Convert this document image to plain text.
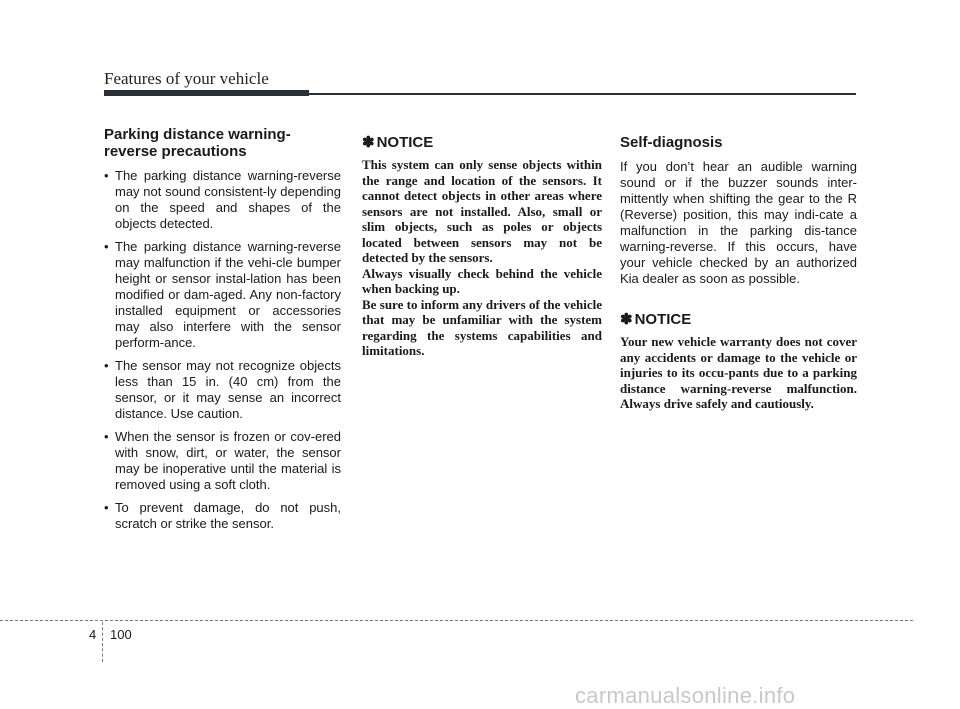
Features of your vehicle
Parking distance warning-reverse precautions
• The parking distance warning-reverse may not sound consistent-ly depending on the speed and shapes of the objects detected.
• The parking distance warning-reverse may malfunction if the vehi-cle bumper height or sensor instal-lation has been modified or dam-aged. Any non-factory installed equipment or accessories may also interfere with the sensor perform-ance.
• The sensor may not recognize objects less than 15 in. (40 cm) from the sensor, or it may sense an incorrect distance. Use caution.
• When the sensor is frozen or cov-ered with snow, dirt, or water, the sensor may be inoperative until the material is removed using a soft cloth.
• To prevent damage, do not push, scratch or strike the sensor.
✽ NOTICE

This system can only sense objects within the range and location of the sensors. It cannot detect objects in other areas where sensors are not installed. Also, small or slim objects, such as poles or objects located between sensors may not be detected by the sensors.

Always visually check behind the vehicle when backing up.

Be sure to inform any drivers of the vehicle that may be unfamiliar with the system regarding the systems capabilities and limitations.

Self-diagnosis

If you don’t hear an audible warning sound or if the buzzer sounds inter-mittently when shifting the gear to the R (Reverse) position, this may indi-cate a malfunction in the parking dis-tance warning-reverse. If this occurs, have your vehicle checked by an authorized Kia dealer as soon as possible.

✽ NOTICE

Your new vehicle warranty does not cover any accidents or damage to the vehicle or injuries to its occu-pants due to a parking distance warning-reverse malfunction. Always drive safely and cautiously.

4 100
carmanualsonline.info
